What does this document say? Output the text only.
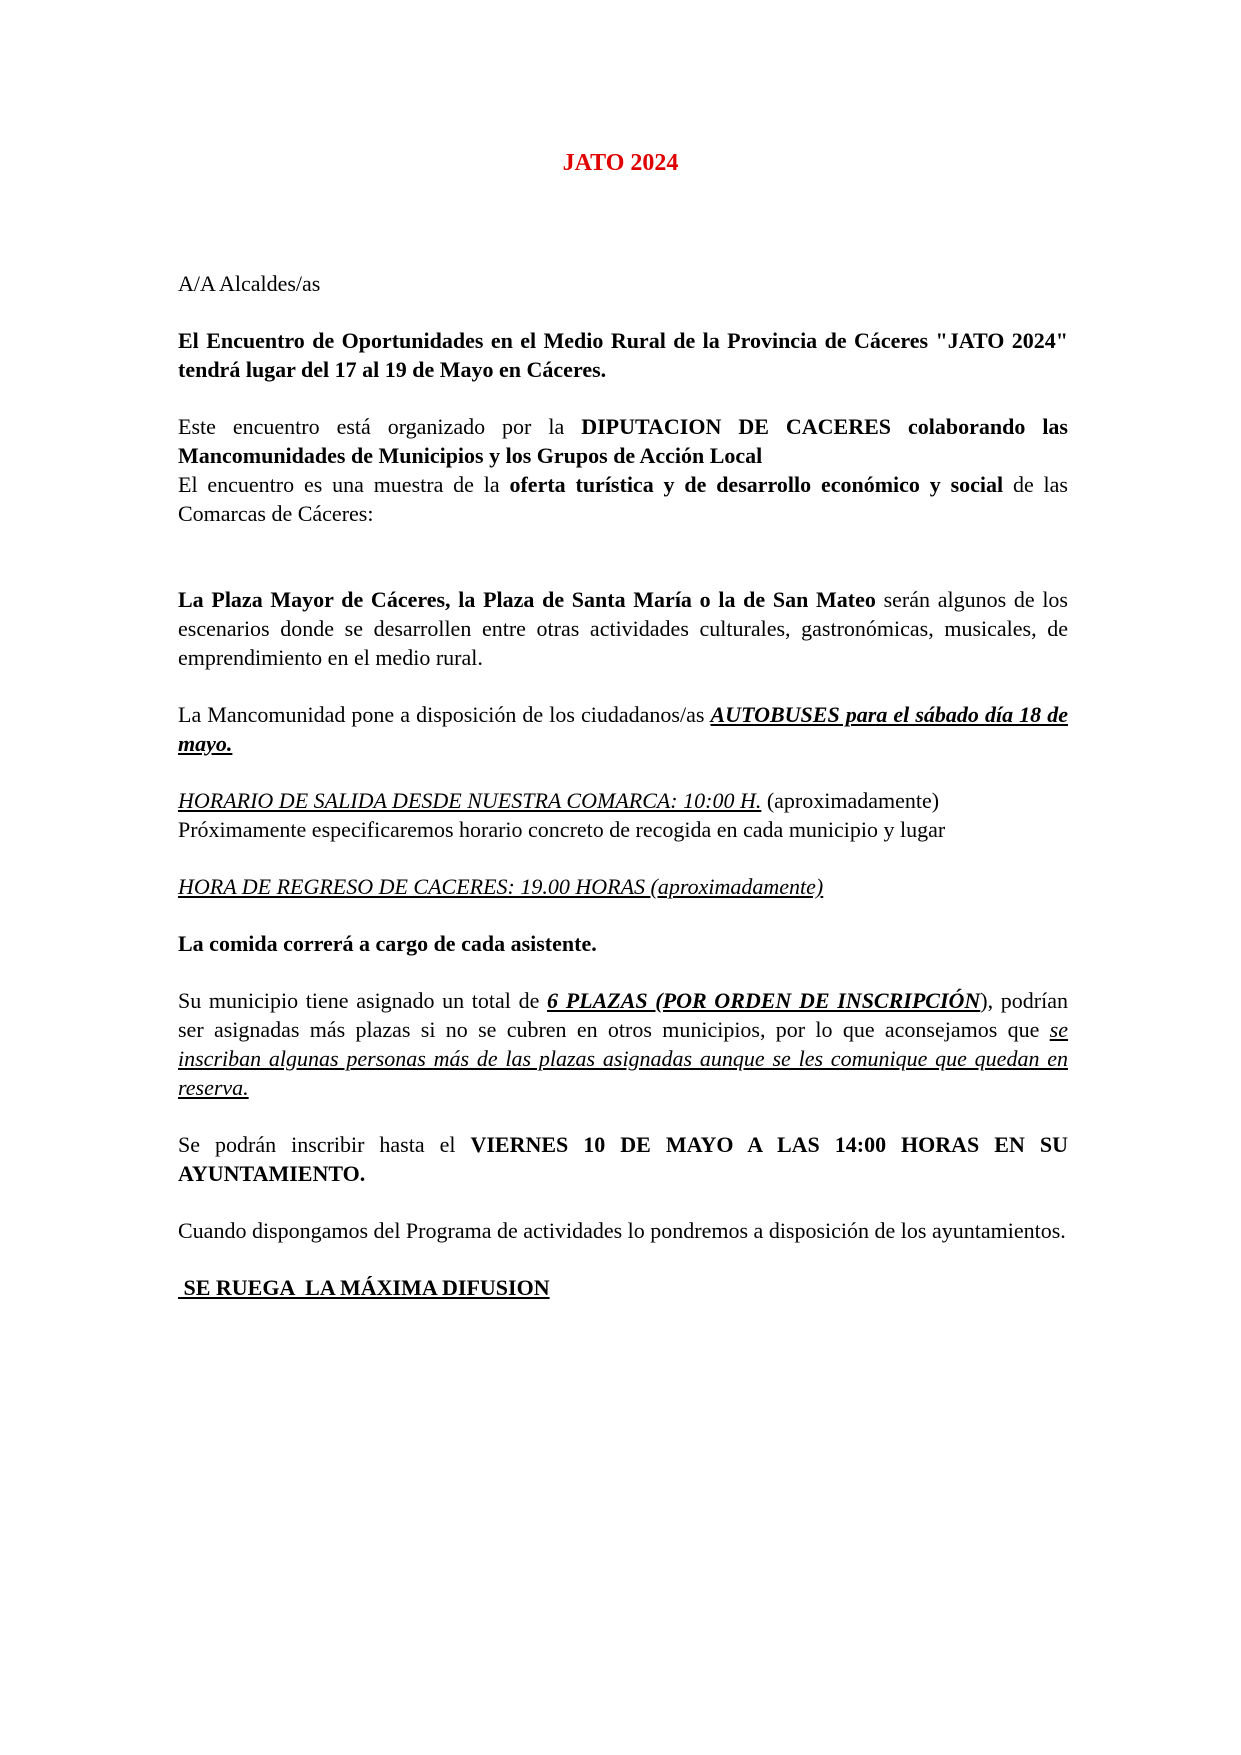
JATO 2024

A/A Alcaldes/as

El Encuentro de Oportunidades en el Medio Rural de la Provincia de Cáceres "JATO 2024" tendrá lugar del 17 al 19 de Mayo en Cáceres.

Este encuentro está organizado por la DIPUTACION DE CACERES colaborando las Mancomunidades de Municipios y los Grupos de Acción Local

El encuentro es una muestra de la oferta turística y de desarrollo económico y social de las Comarcas de Cáceres:

La Plaza Mayor de Cáceres, la Plaza de Santa María o la de San Mateo serán algunos de los escenarios donde se desarrollen entre otras actividades culturales, gastronómicas, musicales, de emprendimiento en el medio rural.

La Mancomunidad pone a disposición de los ciudadanos/as AUTOBUSES para el sábado día 18 de mayo.

HORARIO DE SALIDA DESDE NUESTRA COMARCA: 10:00 H. (aproximadamente)
Próximamente especificaremos horario concreto de recogida en cada municipio y lugar

HORA DE REGRESO DE CACERES: 19.00 HORAS (aproximadamente)

La comida correrá a cargo de cada asistente.

Su municipio tiene asignado un total de 6 PLAZAS (POR ORDEN DE INSCRIPCIÓN), podrían ser asignadas más plazas si no se cubren en otros municipios, por lo que aconsejamos que se inscriban algunas personas más de las plazas asignadas aunque se les comunique que quedan en reserva.

Se podrán inscribir hasta el VIERNES 10 DE MAYO A LAS 14:00 HORAS EN SU AYUNTAMIENTO.

Cuando dispongamos del Programa de actividades lo pondremos a disposición de los ayuntamientos.

SE RUEGA  LA MÁXIMA DIFUSION
